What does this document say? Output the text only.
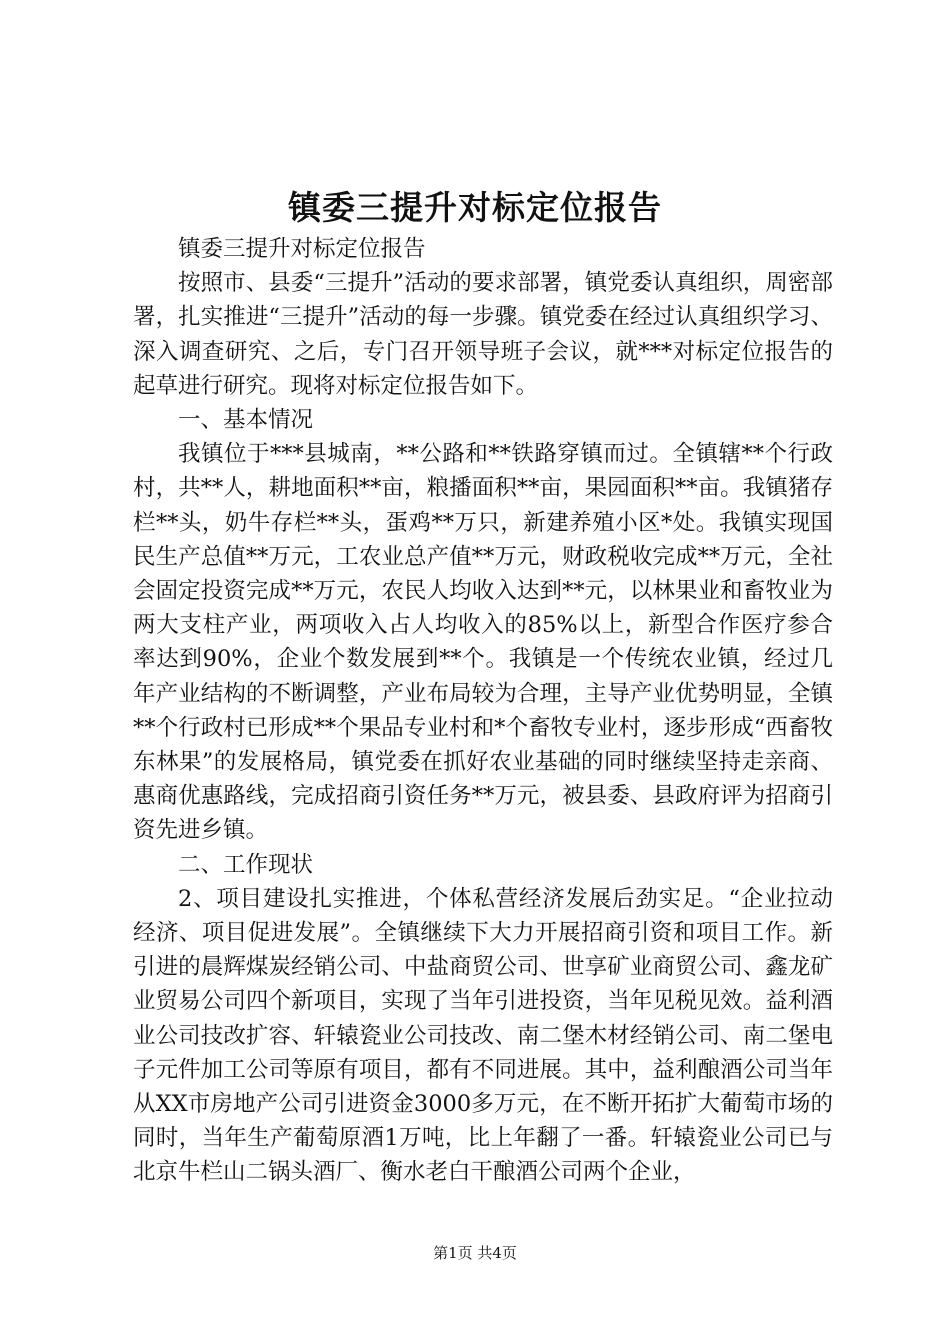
镇委三提升对标定位报告

镇委三提升对标定位报告

按照市、县委“三提升”活动的要求部署，镇党委认真组织，周密部署，扎实推进“三提升”活动的每一步骤。镇党委在经过认真组织学习、深入调查研究、之后，专门召开领导班子会议，就***对标定位报告的起草进行研究。现将对标定位报告如下。

一、基本情况

我镇位于***县城南，**公路和**铁路穿镇而过。全镇辖**个行政村，共**人，耕地面积**亩，粮播面积**亩，果园面积**亩。我镇猪存栏**头，奶牛存栏**头，蛋鸡**万只，新建养殖小区*处。我镇实现国民生产总值**万元，工农业总产值**万元，财政税收完成**万元，全社会固定投资完成**万元，农民人均收入达到**元，以林果业和畜牧业为两大支柱产业，两项收入占人均收入的85%以上，新型合作医疗参合率达到90%，企业个数发展到**个。我镇是一个传统农业镇，经过几年产业结构的不断调整，产业布局较为合理，主导产业优势明显，全镇**个行政村已形成**个果品专业村和*个畜牧专业村，逐步形成“西畜牧东林果”的发展格局，镇党委在抓好农业基础的同时继续坚持走亲商、惠商优惠路线，完成招商引资任务**万元，被县委、县政府评为招商引资先进乡镇。

二、工作现状

2、项目建设扎实推进，个体私营经济发展后劲实足。“企业拉动经济、项目促进发展”。全镇继续下大力开展招商引资和项目工作。新引进的晨辉煤炭经销公司、中盐商贸公司、世享矿业商贸公司、鑫龙矿业贸易公司四个新项目，实现了当年引进投资，当年见税见效。益利酒业公司技改扩容、轩辕瓷业公司技改、南二堡木材经销公司、南二堡电子元件加工公司等原有项目，都有不同进展。其中，益利酿酒公司当年从XX市房地产公司引进资金3000多万元，在不断开拓扩大葡萄市场的同时，当年生产葡萄原酒1万吨，比上年翻了一番。轩辕瓷业公司已与北京牛栏山二锅头酒厂、衡水老白干酿酒公司两个企业，

第1页 共4页
